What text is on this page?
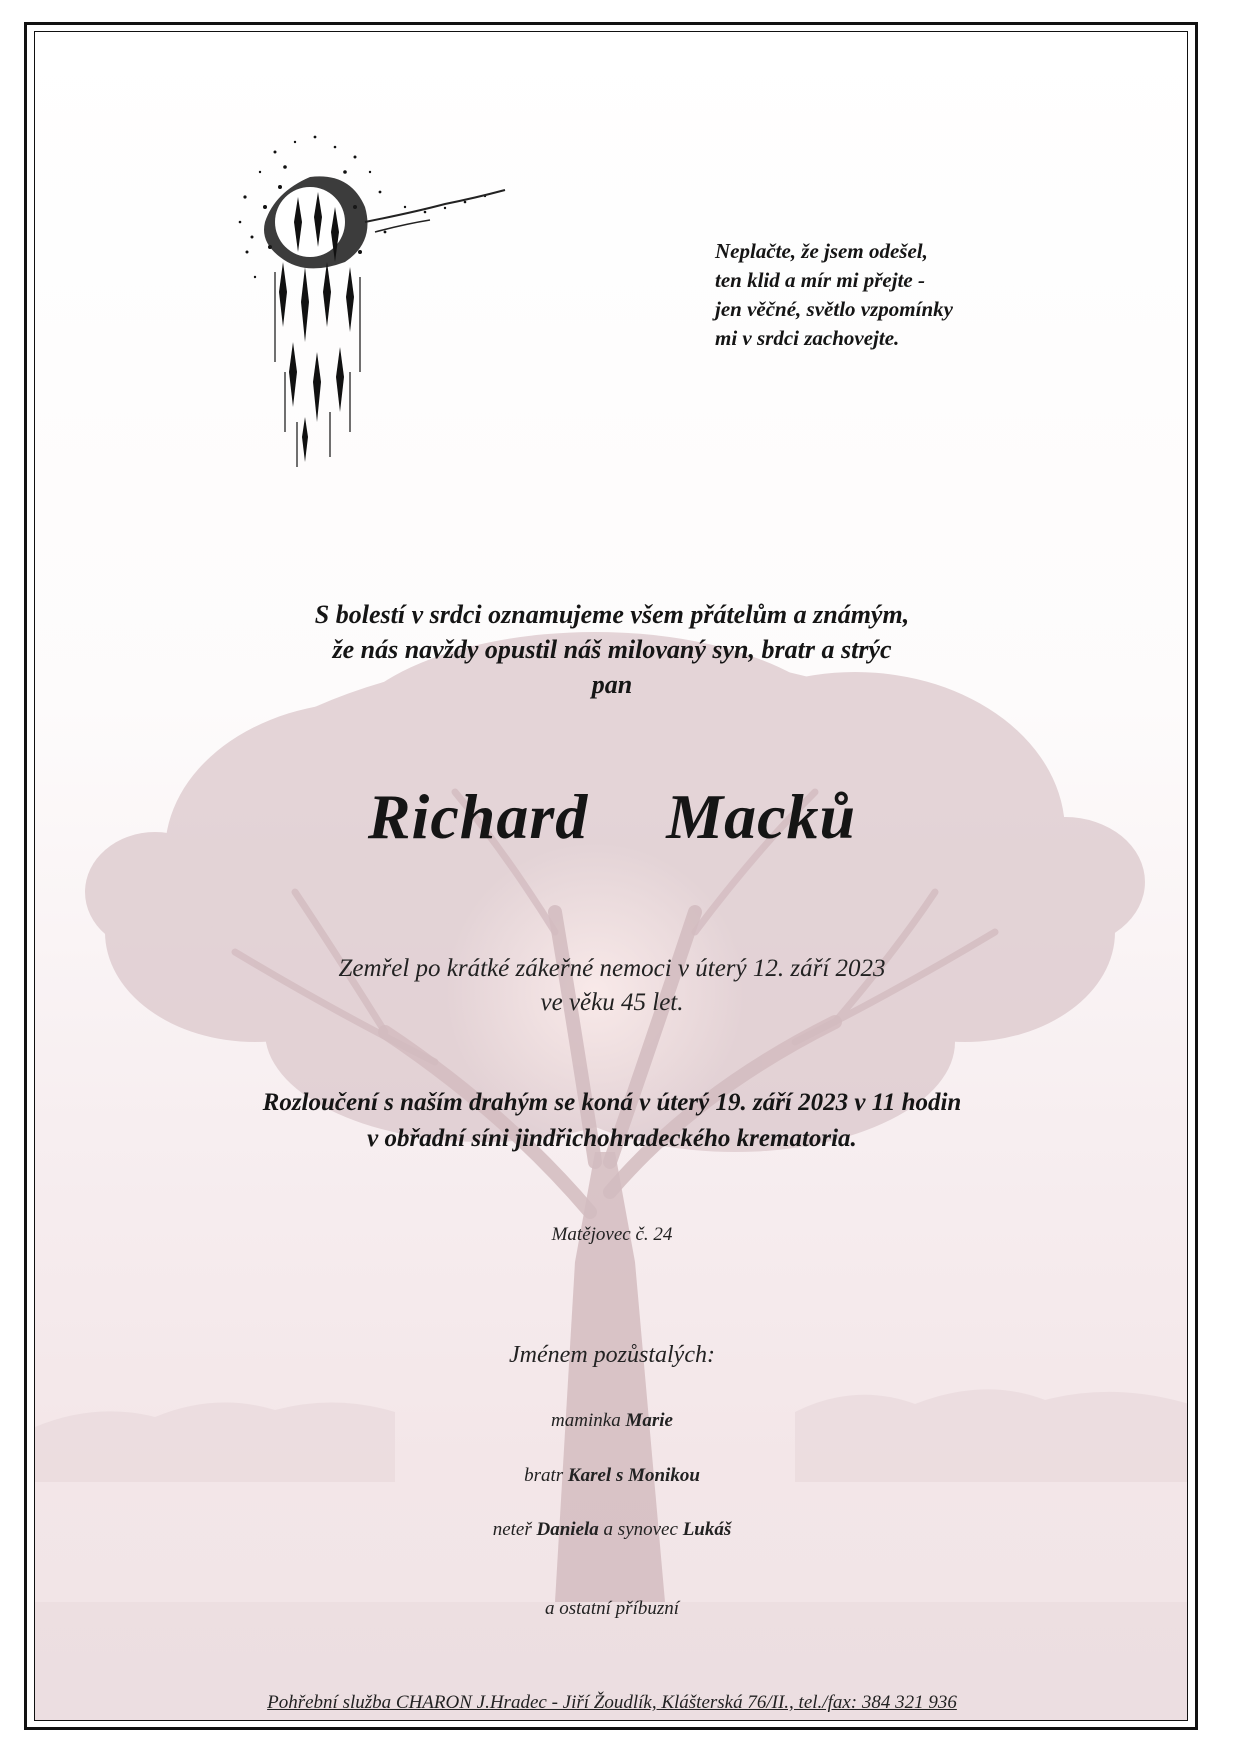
Neplačte, že jsem odešel,
ten klid a mír mi přejte -
jen věčné, světlo vzpomínky
mi v srdci zachovejte.
S bolestí v srdci oznamujeme všem přátelům a známým,
že nás navždy opustil náš milovaný syn, bratr a strýc
pan
Richard  Macků
Zemřel po krátké zákeřné nemoci v úterý 12. září 2023
ve věku 45 let.
Rozloučení s naším drahým se koná v úterý 19. září 2023 v 11 hodin
v obřadní síni jindřichohradeckého krematoria.
Matějovec č. 24
Jménem pozůstalých:
maminka Marie
bratr Karel s Monikou
neteř Daniela a synovec Lukáš
a ostatní příbuzní
Pohřební služba CHARON J.Hradec - Jiří Žoudlík, Klášterská 76/II., tel./fax: 384 321 936
